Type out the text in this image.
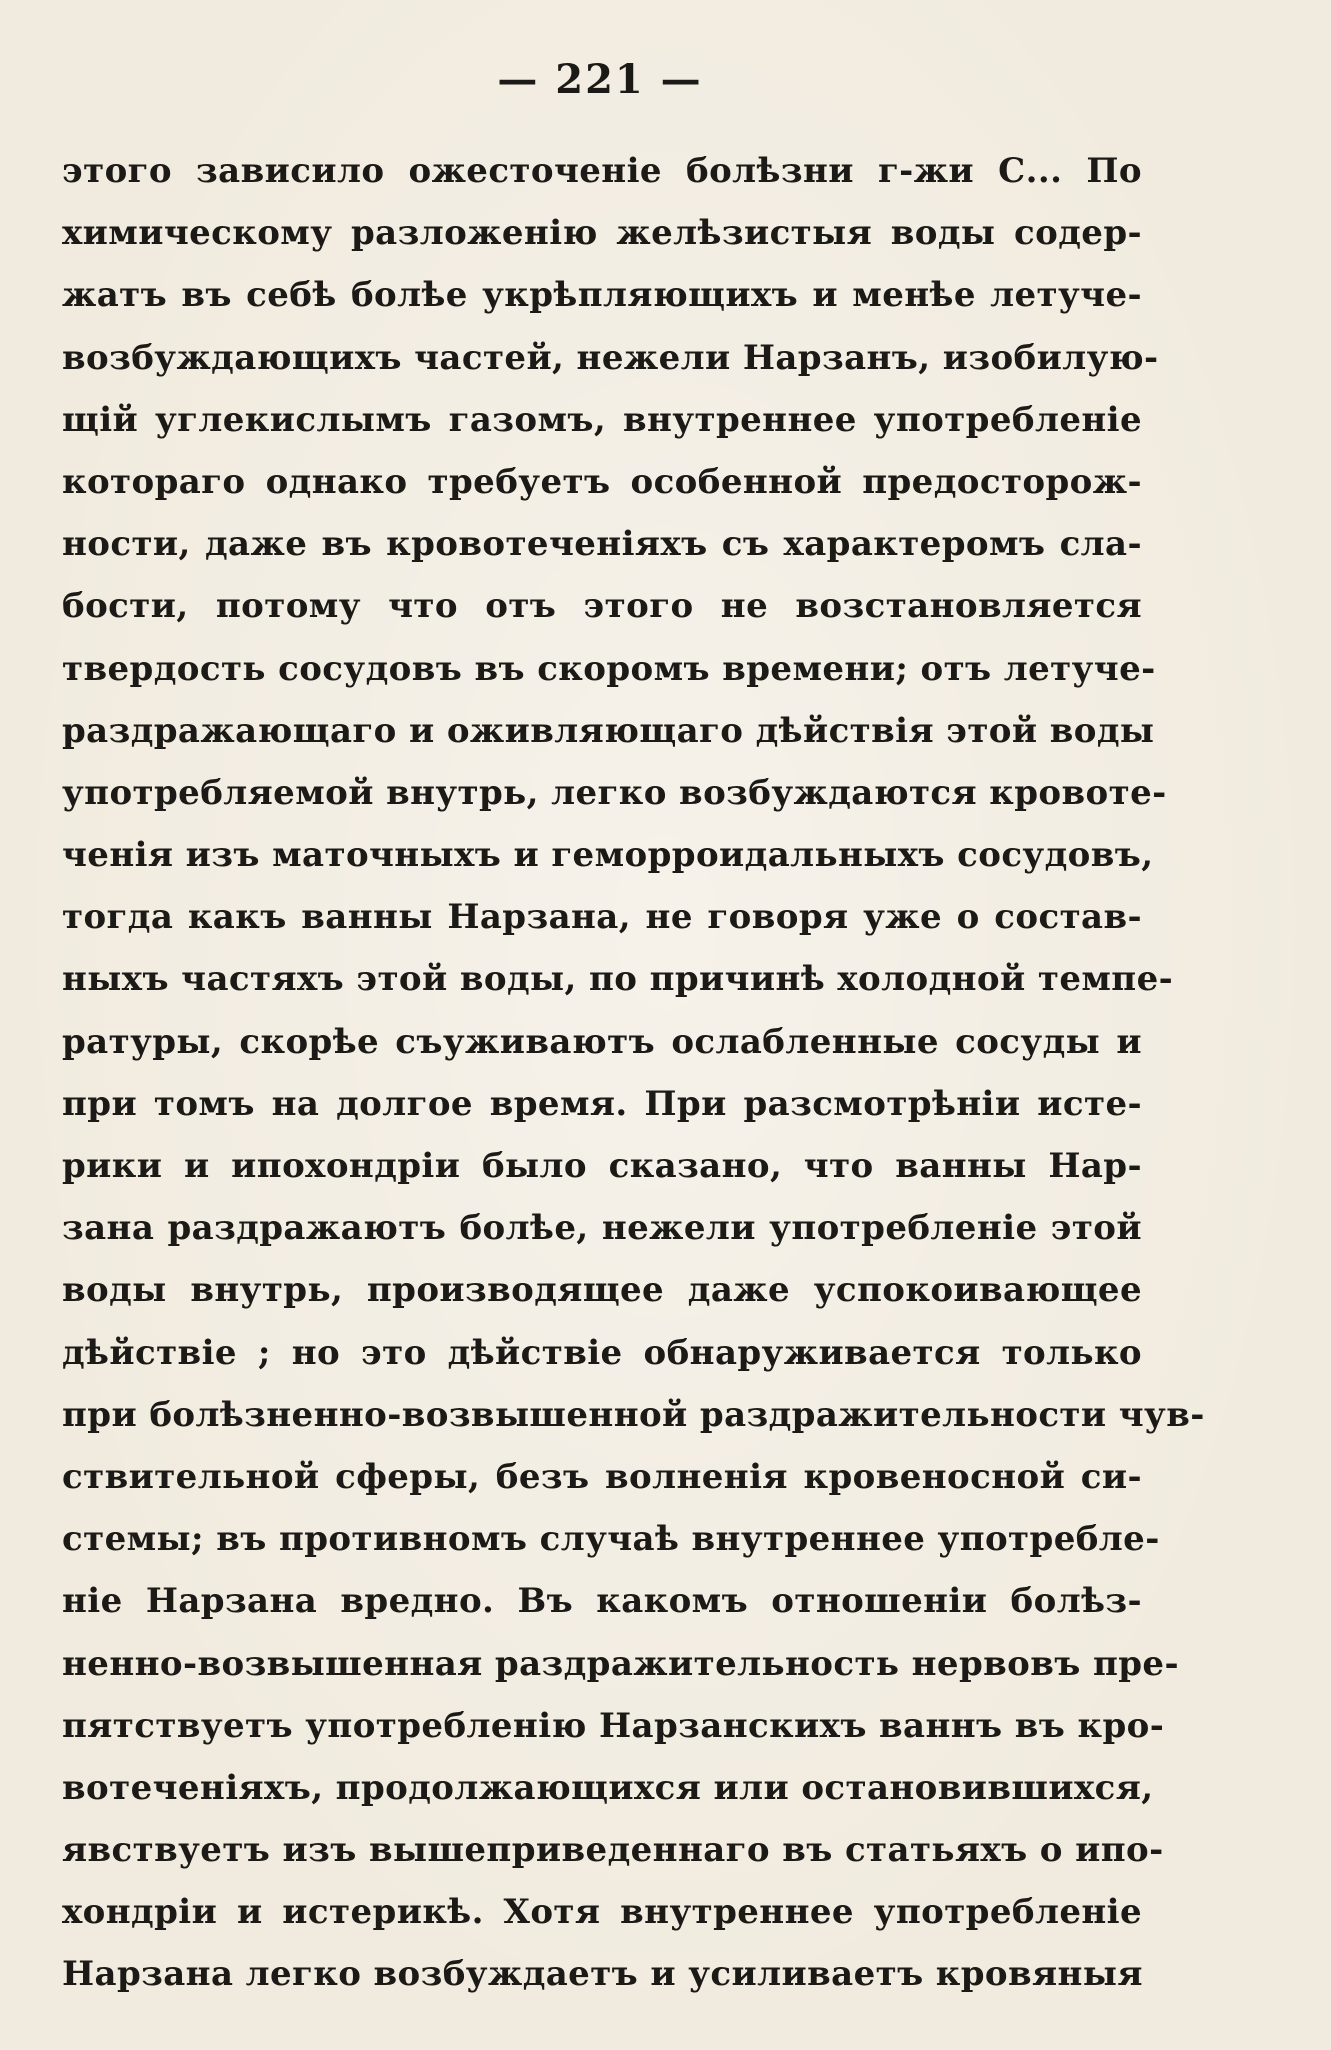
— 221 —
этого зависило ожесточеніе болѣзни г-жи С... По
химическому разложенію желѣзистыя воды содер-
жатъ въ себѣ болѣе укрѣпляющихъ и менѣе летуче-
возбуждающихъ частей, нежели Нарзанъ, изобилую-
щій углекислымъ газомъ, внутреннее употребленіе
котораго однако требуетъ особенной предосторож-
ности, даже въ кровотеченіяхъ съ характеромъ сла-
бости, потому что отъ этого не возстановляется
твердость сосудовъ въ скоромъ времени; отъ летуче-
раздражающаго и оживляющаго дѣйствія этой воды
употребляемой внутрь, легко возбуждаются кровоте-
ченія изъ маточныхъ и геморроидальныхъ сосудовъ,
тогда какъ ванны Нарзана, не говоря уже о состав-
ныхъ частяхъ этой воды, по причинѣ холодной темпе-
ратуры, скорѣе съуживаютъ ослабленные сосуды и
при томъ на долгое время. При разсмотрѣніи исте-
рики и ипохондріи было сказано, что ванны Нар-
зана раздражаютъ болѣе, нежели употребленіе этой
воды внутрь, производящее даже успокоивающее
дѣйствіе ; но это дѣйствіе обнаруживается только
при болѣзненно-возвышенной раздражительности чув-
ствительной сферы, безъ волненія кровеносной си-
стемы; въ противномъ случаѣ внутреннее употребле-
ніе Нарзана вредно. Въ какомъ отношеніи болѣз-
ненно-возвышенная раздражительность нервовъ пре-
пятствуетъ употребленію Нарзанскихъ ваннъ въ кро-
вотеченіяхъ, продолжающихся или остановившихся,
явствуетъ изъ вышеприведеннаго въ статьяхъ о ипо-
хондріи и истерикѣ. Хотя внутреннее употребленіе
Нарзана легко возбуждаетъ и усиливаетъ кровяныя
